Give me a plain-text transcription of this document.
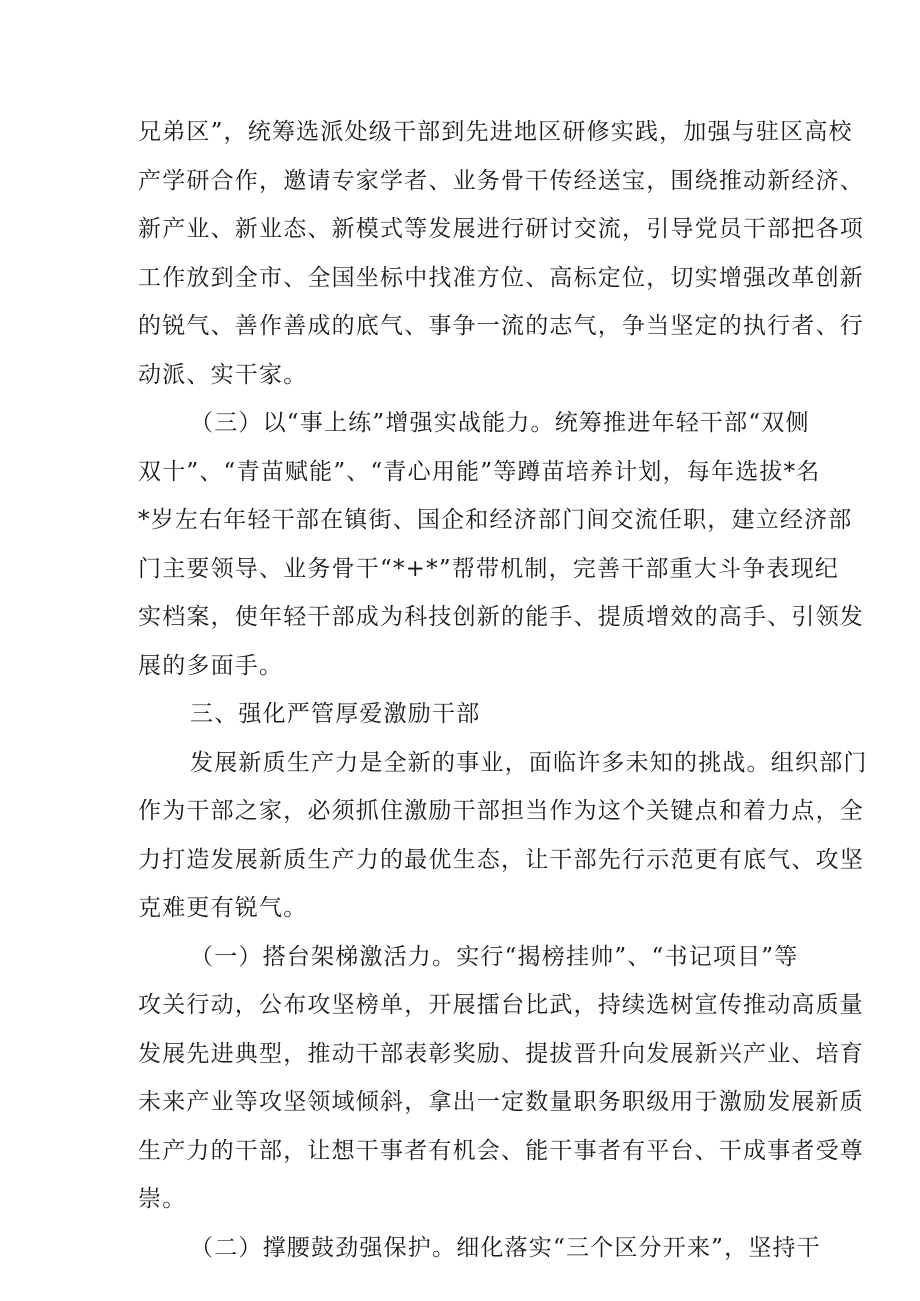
兄弟区”，统筹选派处级干部到先进地区研修实践，加强与驻区高校
产学研合作，邀请专家学者、业务骨干传经送宝，围绕推动新经济、
新产业、新业态、新模式等发展进行研讨交流，引导党员干部把各项
工作放到全市、全国坐标中找准方位、高标定位，切实增强改革创新
的锐气、善作善成的底气、事争一流的志气，争当坚定的执行者、行
动派、实干家。

（三）以“事上练”增强实战能力。统筹推进年轻干部“双侧
双十”、“青苗赋能”、“青心用能”等蹲苗培养计划，每年选拔*名
*岁左右年轻干部在镇街、国企和经济部门间交流任职，建立经济部
门主要领导、业务骨干“*+*”帮带机制，完善干部重大斗争表现纪
实档案，使年轻干部成为科技创新的能手、提质增效的高手、引领发
展的多面手。

三、强化严管厚爱激励干部

发展新质生产力是全新的事业，面临许多未知的挑战。组织部门
作为干部之家，必须抓住激励干部担当作为这个关键点和着力点，全
力打造发展新质生产力的最优生态，让干部先行示范更有底气、攻坚
克难更有锐气。

（一）搭台架梯激活力。实行“揭榜挂帅”、“书记项目”等
攻关行动，公布攻坚榜单，开展擂台比武，持续选树宣传推动高质量
发展先进典型，推动干部表彰奖励、提拔晋升向发展新兴产业、培育
未来产业等攻坚领域倾斜，拿出一定数量职务职级用于激励发展新质
生产力的干部，让想干事者有机会、能干事者有平台、干成事者受尊
崇。

（二）撑腰鼓劲强保护。细化落实“三个区分开来”，坚持干
